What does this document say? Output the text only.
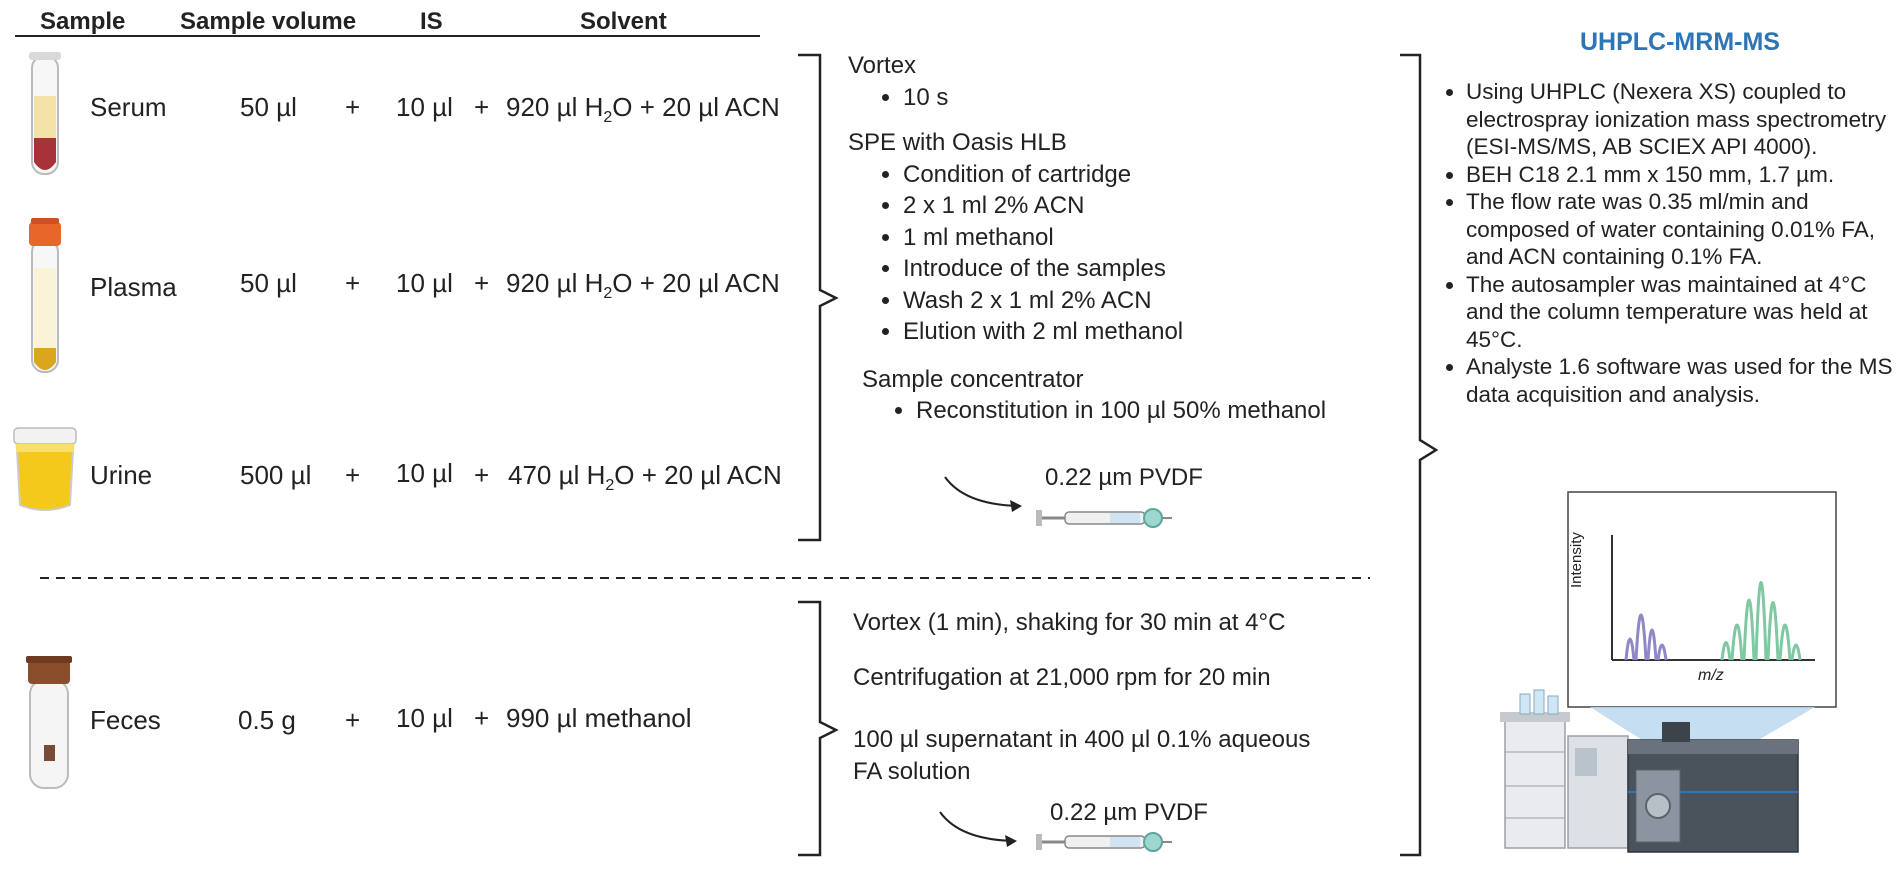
Sample Sample volume	IS	Solvent
Serum	50 µl + 10 µl + 920 µl $H_2O + 20$ µl ACN
Plasma 50 µl + 10 µl + 920 µl $H_2O + 20$ µl ACN
Urine	500 µl + 10 µl + 470 µl $H_2O + 20$ µl ACN
Feces	0.5 g + 10 µl + 990 µl methanol
Vortex
• 10 s
SPE with Oasis HLB
• Condition of cartridge
• 2 x 1 ml 2% ACN
• 1 ml methanol
• Introduce of the samples
• Wash 2 x 1 ml 2% ACN
• Elution with 2 ml methanol
Sample concentrator
• Reconstitution in 100 µl 50% methanol
0.22 µm PVDF
Vortex (1 min), shaking for 30 min at 4°C
Centrifugation at 21,000 rpm for 20 min
100 µl supernatant in 400 µl 0.1% aqueous
FA solution
0.22 µm PVDF
UHPLC-MRM-MS
• Using UHPLC (Nexera XS) coupled to electrospray ionization mass spectrometry (ESI-MS/MS, AB SCIEX API 4000).
• BEH C18 2.1 mm x 150 mm, 1.7 µm.
• The flow rate was 0.35 ml/min and composed of water containing 0.01% FA, and ACN containing 0.1% FA.
• The autosampler was maintained at 4°C and the column temperature was held at 45°C.
• Analyste 1.6 software was used for the MS data acquisition and analysis.
Intensity
m/z
